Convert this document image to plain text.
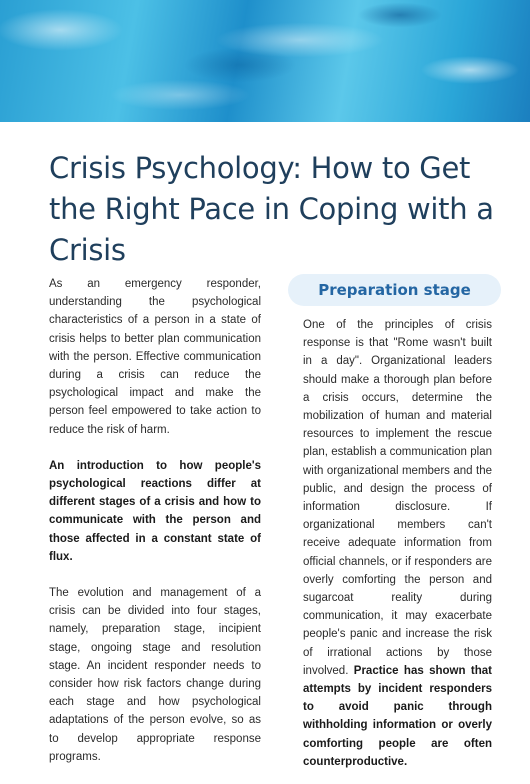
Crisis Psychology: How to Get the Right Pace in Coping with a Crisis

As an emergency responder, understanding the psychological characteristics of a person in a state of crisis helps to better plan communication with the person. Effective communication during a crisis can reduce the psychological impact and make the person feel empowered to take action to reduce the risk of harm.

An introduction to how people's psychological reactions differ at different stages of a crisis and how to communicate with the person and those affected in a constant state of flux.

The evolution and management of a crisis can be divided into four stages, namely, preparation stage, incipient stage, ongoing stage and resolution stage. An incident responder needs to consider how risk factors change during each stage and how psychological adaptations of the person evolve, so as to develop appropriate response programs.

Preparation stage

One of the principles of crisis response is that "Rome wasn't built in a day". Organizational leaders should make a thorough plan before a crisis occurs, determine the mobilization of human and material resources to implement the rescue plan, establish a communication plan with organizational members and the public, and design the process of information disclosure. If organizational members can't receive adequate information from official channels, or if responders are overly comforting the person and sugarcoat reality during communication, it may exacerbate people's panic and increase the risk of irrational actions by those involved. Practice has shown that attempts by incident responders to avoid panic through withholding information or overly comforting people are often counterproductive.
